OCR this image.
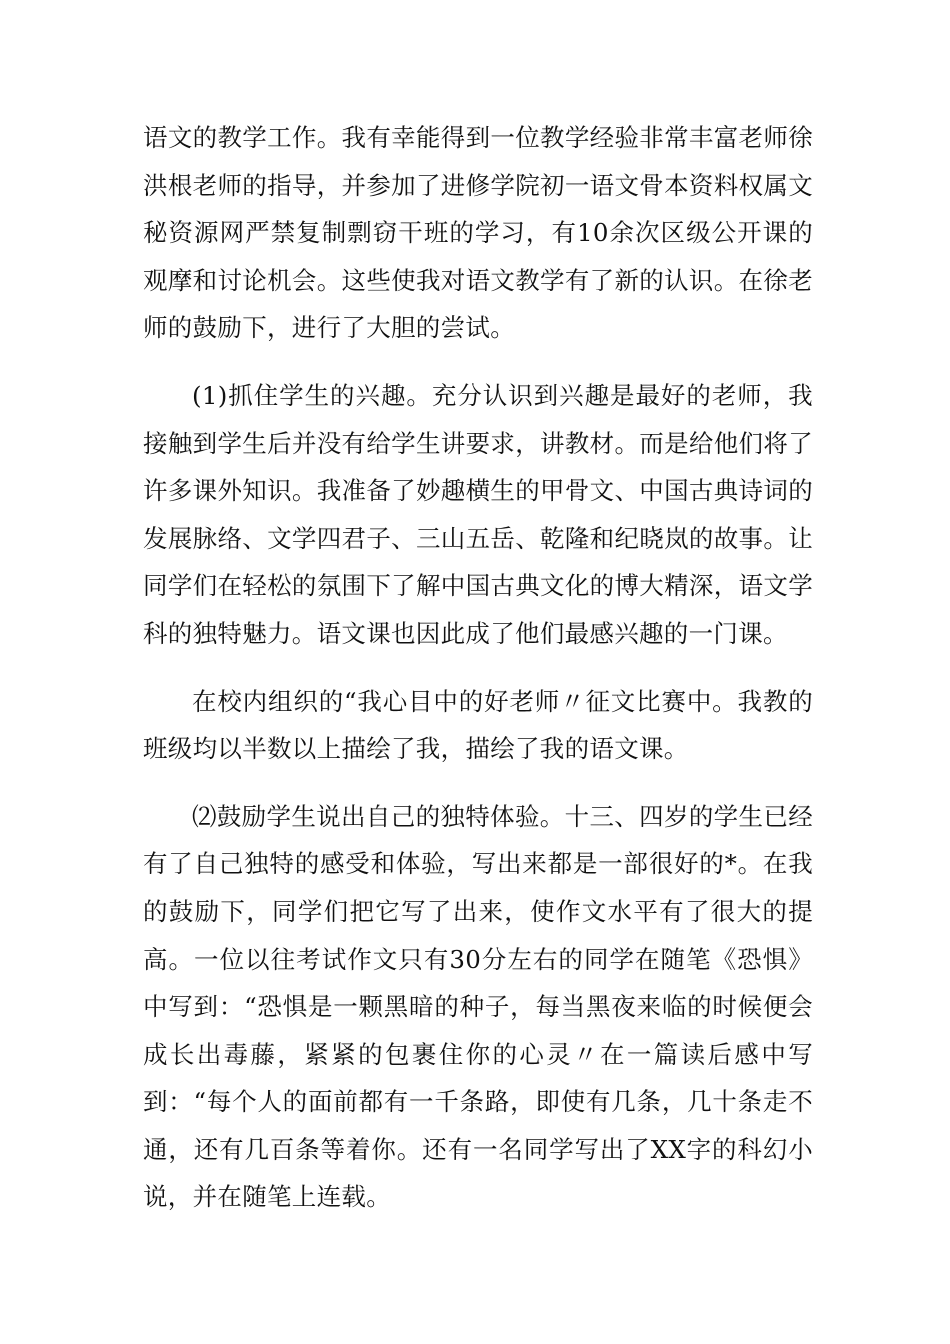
语文的教学工作。我有幸能得到一位教学经验非常丰富老师徐洪根老师的指导，并参加了进修学院初一语文骨本资料权属文秘资源网严禁复制剽窃干班的学习，有10余次区级公开课的观摩和讨论机会。这些使我对语文教学有了新的认识。在徐老师的鼓励下，进行了大胆的尝试。

(1)抓住学生的兴趣。充分认识到兴趣是最好的老师，我接触到学生后并没有给学生讲要求，讲教材。而是给他们将了许多课外知识。我准备了妙趣横生的甲骨文、中国古典诗词的发展脉络、文学四君子、三山五岳、乾隆和纪晓岚的故事。让同学们在轻松的氛围下了解中国古典文化的博大精深，语文学科的独特魅力。语文课也因此成了他们最感兴趣的一门课。

在校内组织的“我心目中的好老师〃征文比赛中。我教的班级均以半数以上描绘了我，描绘了我的语文课。

⑵鼓励学生说出自己的独特体验。十三、四岁的学生已经有了自己独特的感受和体验，写出来都是一部很好的*。在我的鼓励下，同学们把它写了出来，使作文水平有了很大的提高。一位以往考试作文只有30分左右的同学在随笔《恐惧》中写到：“恐惧是一颗黑暗的种子，每当黑夜来临的时候便会成长出毒藤，紧紧的包裹住你的心灵〃在一篇读后感中写到：“每个人的面前都有一千条路，即使有几条，几十条走不通，还有几百条等着你。还有一名同学写出了XX字的科幻小说，并在随笔上连载。
